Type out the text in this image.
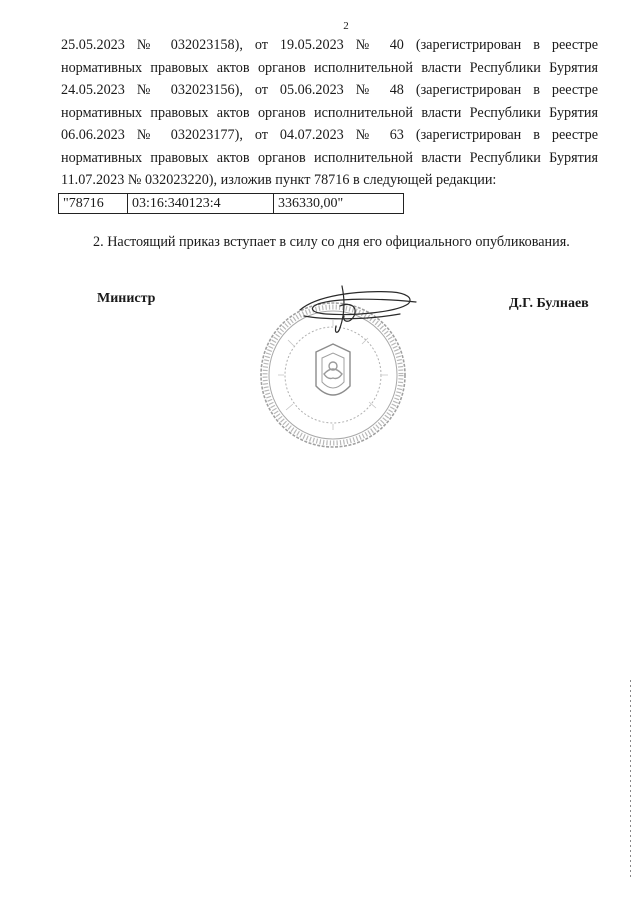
2
25.05.2023 № 032023158), от 19.05.2023 № 40 (зарегистрирован в реестре
нормативных правовых актов органов исполнительной власти Республики Бурятия
24.05.2023 № 032023156), от 05.06.2023 № 48 (зарегистрирован в реестре
нормативных правовых актов органов исполнительной власти Республики Бурятия
06.06.2023 № 032023177), от 04.07.2023 № 63 (зарегистрирован в реестре
нормативных правовых актов органов исполнительной власти Республики Бурятия
11.07.2023 № 032023220), изложив пункт 78716 в следующей редакции:
"78716	03:16:340123:4	336330,00"
2. Настоящий приказ вступает в силу со дня его официального опубликования.
Министр	Д.Г. Булнаев
